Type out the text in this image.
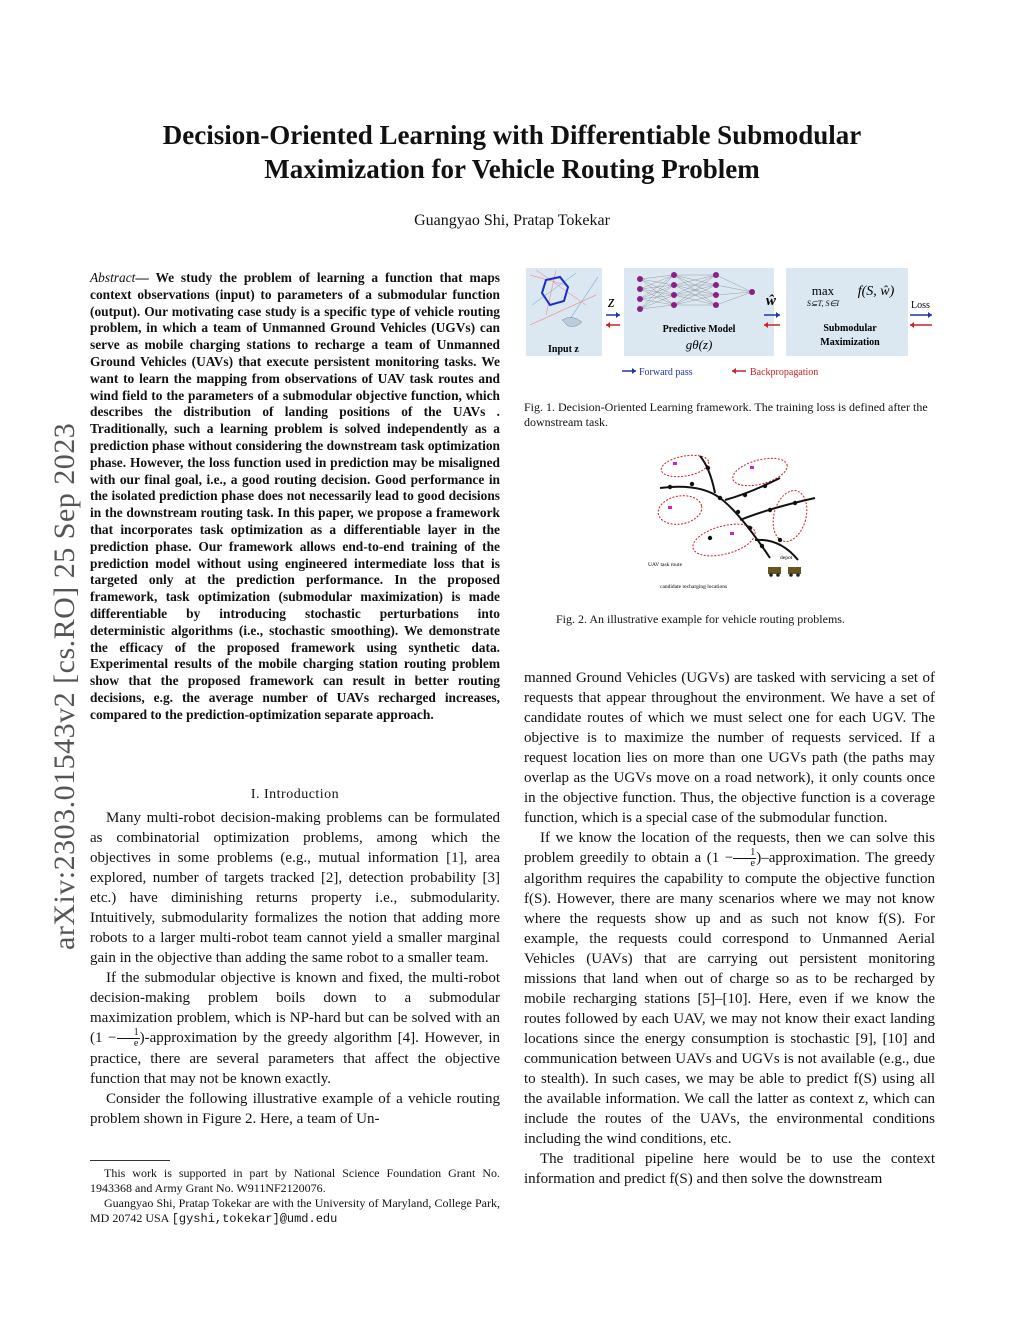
arXiv:2303.01543v2 [cs.RO] 25 Sep 2023
Decision-Oriented Learning with Differentiable Submodular
Maximization for Vehicle Routing Problem
Guangyao Shi, Pratap Tokekar
Abstract— We study the problem of learning a function that maps context observations (input) to parameters of a submodular function (output). Our motivating case study is a specific type of vehicle routing problem, in which a team of Unmanned Ground Vehicles (UGVs) can serve as mobile charging stations to recharge a team of Unmanned Ground Vehicles (UAVs) that execute persistent monitoring tasks. We want to learn the mapping from observations of UAV task routes and wind field to the parameters of a submodular objective function, which describes the distribution of landing positions of the UAVs . Traditionally, such a learning problem is solved independently as a prediction phase without considering the downstream task optimization phase. However, the loss function used in prediction may be misaligned with our final goal, i.e., a good routing decision. Good performance in the isolated prediction phase does not necessarily lead to good decisions in the downstream routing task. In this paper, we propose a framework that incorporates task optimization as a differentiable layer in the prediction phase. Our framework allows end-to-end training of the prediction model without using engineered intermediate loss that is targeted only at the prediction performance. In the proposed framework, task optimization (submodular maximization) is made differentiable by introducing stochastic perturbations into deterministic algorithms (i.e., stochastic smoothing). We demonstrate the efficacy of the proposed framework using synthetic data. Experimental results of the mobile charging station routing problem show that the proposed framework can result in better routing decisions, e.g. the average number of UAVs recharged increases, compared to the prediction-optimization separate approach.
I. Introduction

Many multi-robot decision-making problems can be formulated as combinatorial optimization problems, among which the objectives in some problems (e.g., mutual information [1], area explored, number of targets tracked [2], detection probability [3] etc.) have diminishing returns property i.e., submodularity. Intuitively, submodularity formalizes the notion that adding more robots to a larger multi-robot team cannot yield a smaller marginal gain in the objective than adding the same robot to a smaller team.

If the submodular objective is known and fixed, the multi-robot decision-making problem boils down to a submodular maximization problem, which is NP-hard but can be solved with an ($1 - \frac{1}{e}$ )-approximation by the greedy algorithm [4]. However, in practice, there are several parameters that affect the objective function that may not be known exactly.

Consider the following illustrative example of a vehicle routing problem shown in Figure 2. Here, a team of Un-

This work is supported in part by National Science Foundation Grant No. 1943368 and Army Grant No. W911NF2120076.

Guangyao Shi, Pratap Tokekar are with the University of Maryland, College Park, MD 20742 USA [gyshi,tokekar]@umd.edu

Input z
z
Predictive Model
gθ(z)
ŵ
max
S⊆T, S∈I
f(S, ŵ)
Submodular
Maximization
Loss
Forward pass	Backpropagation
Fig. 1. Decision-Oriented Learning framework. The training loss is defined after the downstream task.
UAV task route
depot
candidate recharging locations
Fig. 2. An illustrative example for vehicle routing problems.

manned Ground Vehicles (UGVs) are tasked with servicing a set of requests that appear throughout the environment. We have a set of candidate routes of which we must select one for each UGV. The objective is to maximize the number of requests serviced. If a request location lies on more than one UGVs path (the paths may overlap as the UGVs move on a road network), it only counts once in the objective function. Thus, the objective function is a coverage function, which is a special case of the submodular function.

If we know the location of the requests, then we can solve this problem greedily to obtain a ($1 - \frac{1}{e}$ )–approximation. The greedy algorithm requires the capability to compute the objective function f(S). However, there are many scenarios where we may not know where the requests show up and as such not know f(S). For example, the requests could correspond to Unmanned Aerial Vehicles (UAVs) that are carrying out persistent monitoring missions that land when out of charge so as to be recharged by mobile recharging stations [5]–[10]. Here, even if we know the routes followed by each UAV, we may not know their exact landing locations since the energy consumption is stochastic [9], [10] and communication between UAVs and UGVs is not available (e.g., due to stealth). In such cases, we may be able to predict f(S) using all the available information. We call the latter as context z, which can include the routes of the UAVs, the environmental conditions including the wind conditions, etc.

The traditional pipeline here would be to use the context information and predict f(S) and then solve the downstream
